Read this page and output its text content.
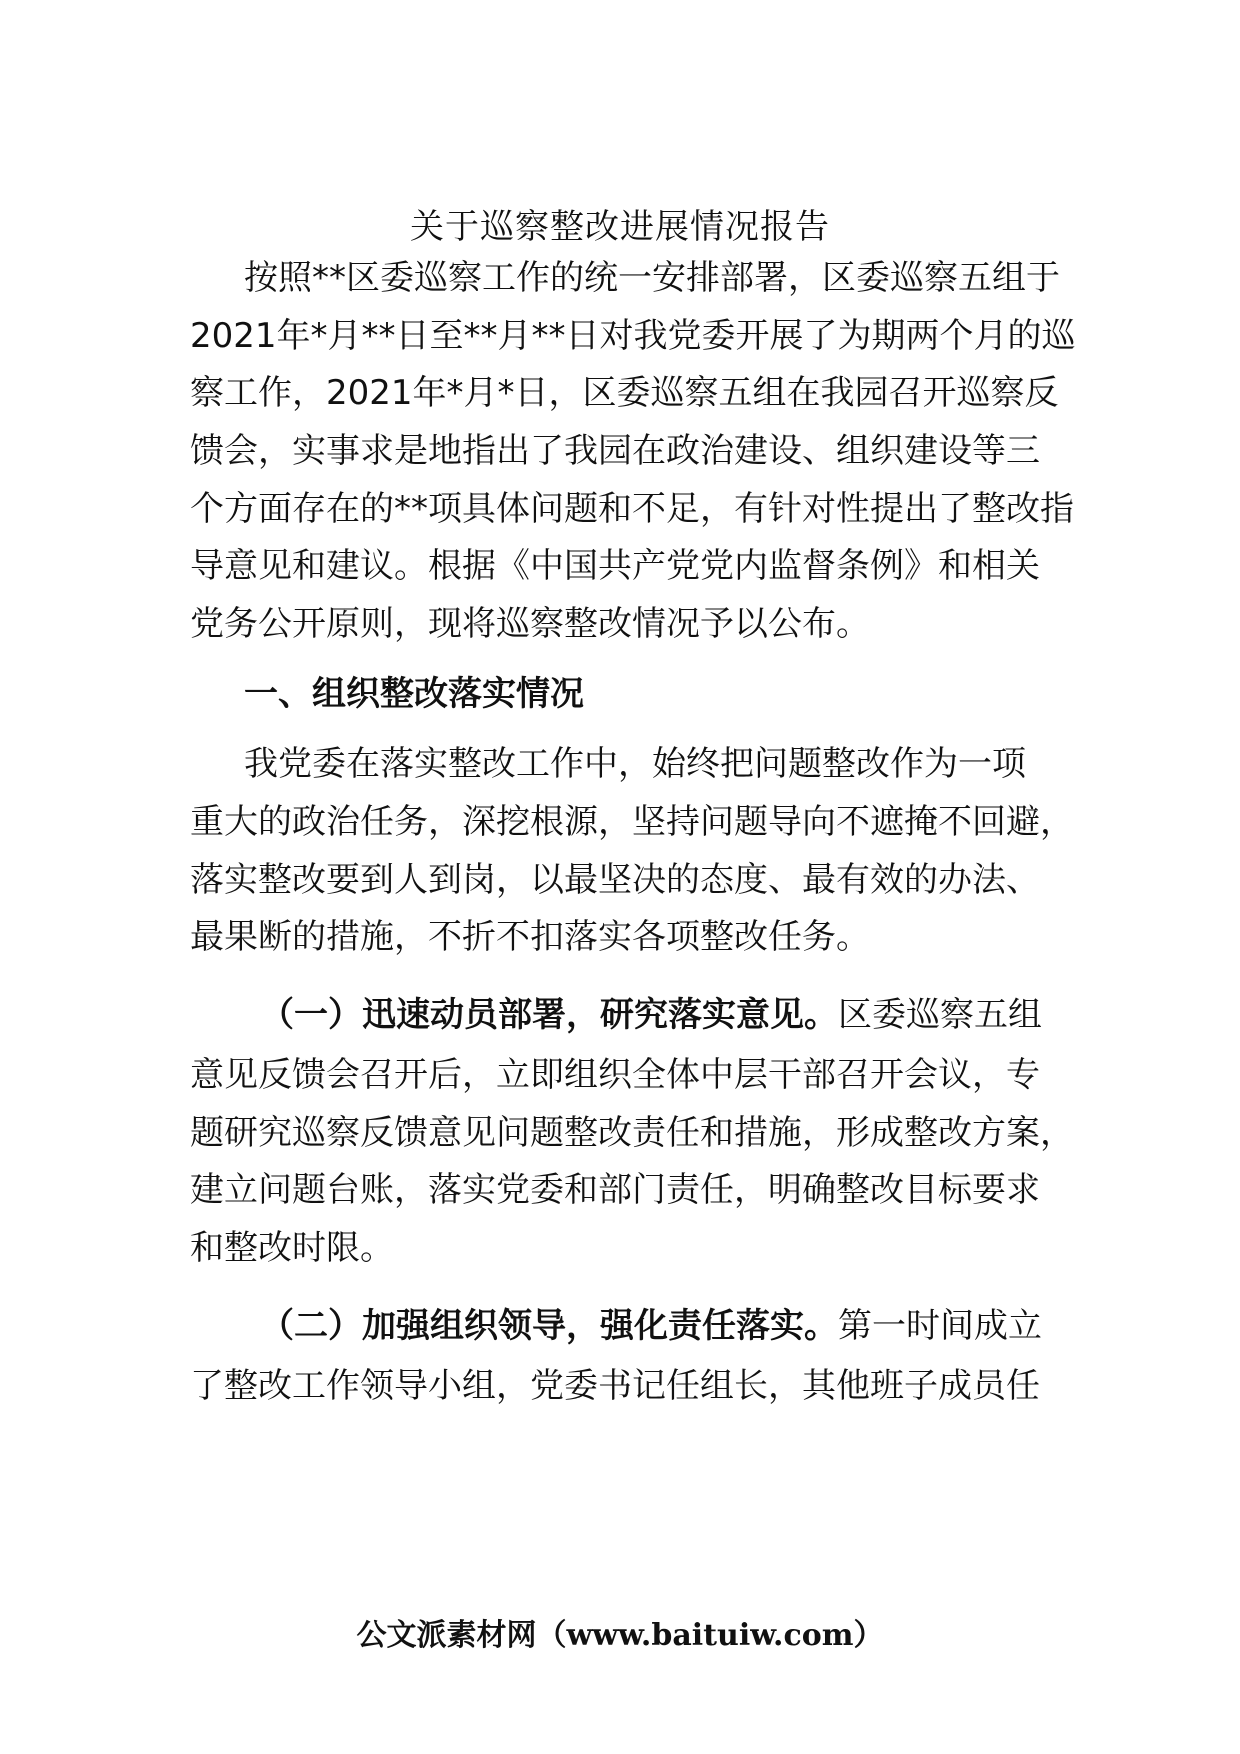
关于巡察整改进展情况报告
按照**区委巡察工作的统一安排部署，区委巡察五组于
2021年*月**日至**月**日对我党委开展了为期两个月的巡
察工作，2021年*月*日，区委巡察五组在我园召开巡察反
馈会，实事求是地指出了我园在政治建设、组织建设等三
个方面存在的**项具体问题和不足，有针对性提出了整改指
导意见和建议。根据《中国共产党党内监督条例》和相关
党务公开原则，现将巡察整改情况予以公布。
一、组织整改落实情况
我党委在落实整改工作中，始终把问题整改作为一项
重大的政治任务，深挖根源，坚持问题导向不遮掩不回避，
落实整改要到人到岗，以最坚决的态度、最有效的办法、
最果断的措施，不折不扣落实各项整改任务。
（一）迅速动员部署，研究落实意见。区委巡察五组
意见反馈会召开后，立即组织全体中层干部召开会议，专
题研究巡察反馈意见问题整改责任和措施，形成整改方案，
建立问题台账，落实党委和部门责任，明确整改目标要求
和整改时限。
（二）加强组织领导，强化责任落实。第一时间成立
了整改工作领导小组，党委书记任组长，其他班子成员任
公文派素材网（www.baituiw.com）
